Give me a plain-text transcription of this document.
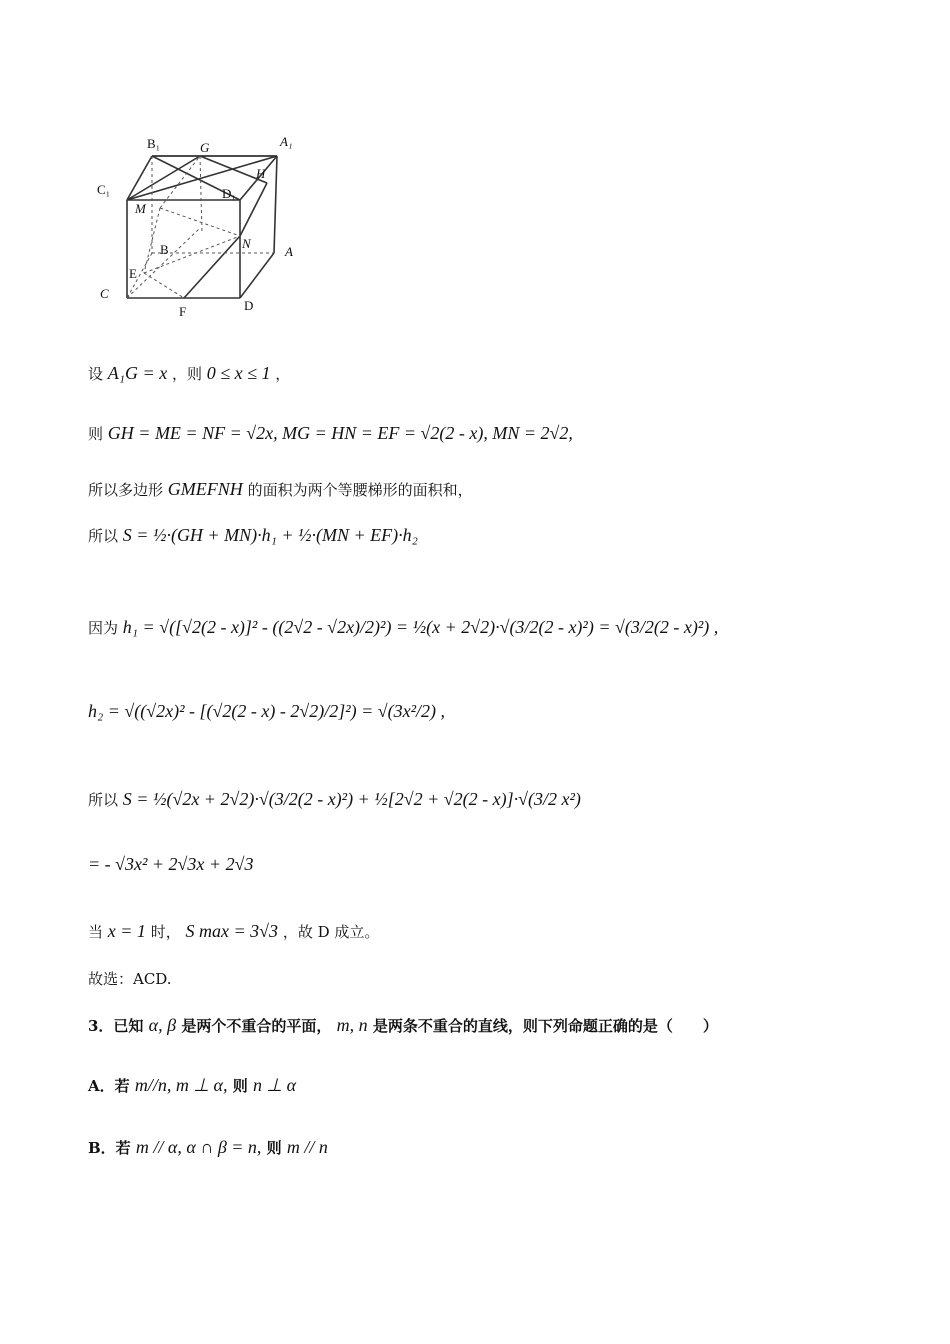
B₁	G	A₁
C₁	D₁
H
M
B	N
A
E
C
F	D
设 A₁G = x ，则 0 ≤ x ≤ 1 ，
则 GH = ME = NF = √2x, MG = HN = EF = √2(2 - x), MN = 2√2,
所以多边形 GMEFNH 的面积为两个等腰梯形的面积和，
所以 S = ½·(GH + MN)·h₁ + ½·(MN + EF)·h₂
因为 h₁ = √([√2(2 - x)]² - ((2√2 - √2x)/2)²) = ½(x + 2√2)·√(3/2(2 - x)²) = √(3/2(2 - x)²) ,
h₂ = √((√2x)² - [(√2(2 - x) - 2√2)/2]²) = √(3x²/2) ,
所以 S = ½(√2x + 2√2)·√(3/2(2 - x)²) + ½[2√2 + √2(2 - x)]·√(3/2 x²)
= - √3x² + 2√3x + 2√3
当 x = 1 时， S max = 3√3 ，故 D 成立。
故选：ACD.
3．已知 α, β 是两个不重合的平面， m, n 是两条不重合的直线，则下列命题正确的是（　　）
A．若 m//n, m ⊥ α, 则 n ⊥ α
B．若 m // α, α ∩ β = n, 则 m // n
